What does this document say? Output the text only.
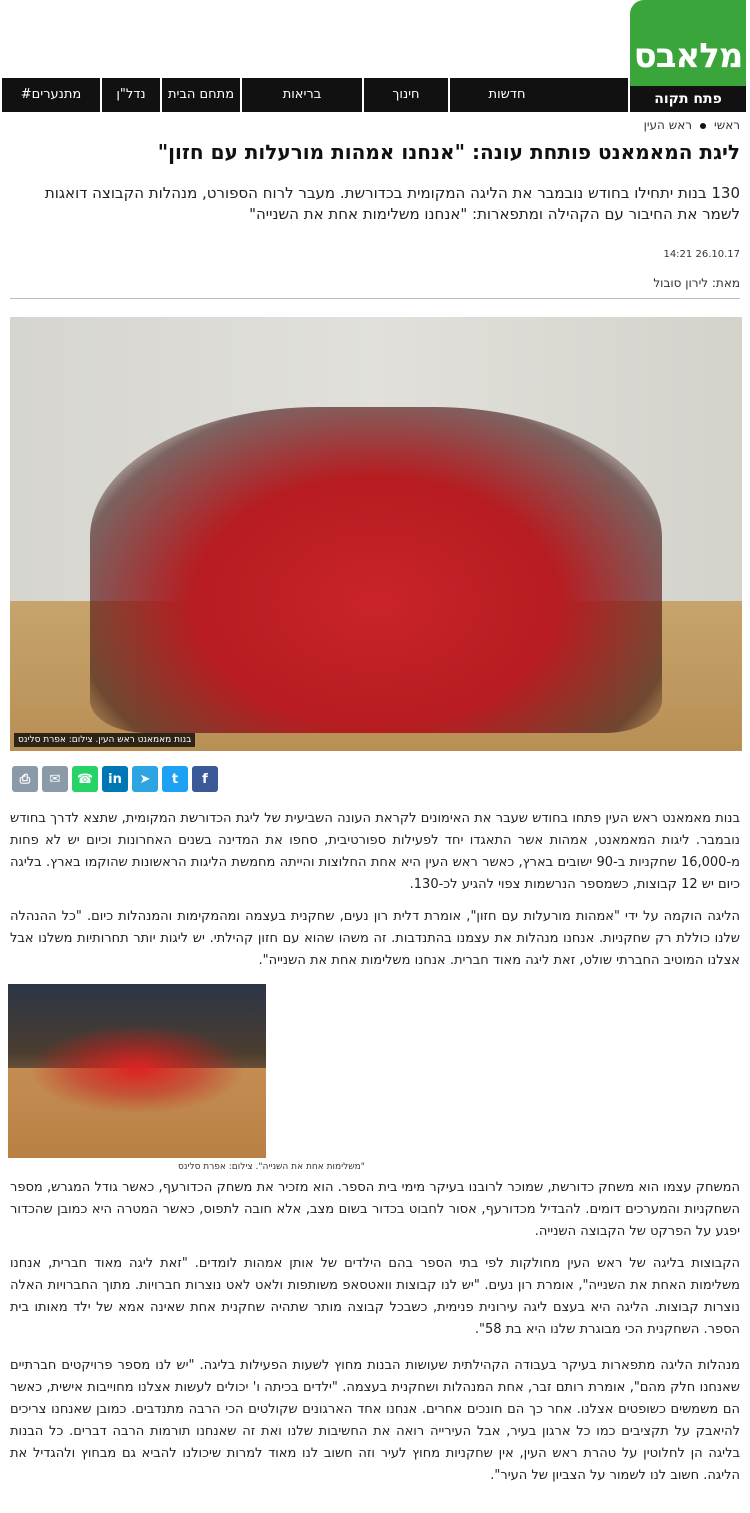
מלאבס
פתח תקוה
#מתנערים	נדל"ן	מתחם הבית	בריאות	חינוך	חדשות
ראשיראש העין
ליגת המאמאנט פותחת עונה: "אנחנו אמהות מורעלות עם חזון"

130 בנות יתחילו בחודש נובמבר את הליגה המקומית בכדורשת. מעבר לרוח הספורט, מנהלות הקבוצה דואגות לשמר את החיבור עם הקהילה ומתפארות: "אנחנו משלימות אחת את השנייה"

26.10.17 14:21
מאת: לירון סובול
בנות מאמאנט ראש העין. צילום: אפרת סלינס
f
t
➤
in
☎
✉
⎙

בנות מאמאנט ראש העין פתחו בחודש שעבר את האימונים לקראת העונה השביעית של ליגת הכדורשת המקומית, שתצא לדרך בחודש נובמבר. ליגות המאמאנט, אמהות אשר התאגדו יחד לפעילות ספורטיבית, סחפו את המדינה בשנים האחרונות וכיום יש לא פחות מ-16,000 שחקניות ב-90 ישובים בארץ, כאשר ראש העין היא אחת החלוצות והייתה מחמשת הליגות הראשונות שהוקמו בארץ. בליגה כיום יש 12 קבוצות, כשמספר הנרשמות צפוי להגיע לכ-130.

הליגה הוקמה על ידי "אמהות מורעלות עם חזון", אומרת דלית רון נעים, שחקנית בעצמה ומהמקימות והמנהלות כיום. "כל ההנהלה שלנו כוללת רק שחקניות. אנחנו מנהלות את עצמנו בהתנדבות. זה משהו שהוא עם חזון קהילתי. יש ליגות יותר תחרותיות משלנו אבל אצלנו המוטיב החברתי שולט, זאת ליגה מאוד חברית. אנחנו משלימות אחת את השנייה".

"משלימות אחת את השנייה". צילום: אפרת סלינס

המשחק עצמו הוא משחק כדורשת, שמוכר לרובנו בעיקר מימי בית הספר. הוא מזכיר את משחק הכדורעף, כאשר גודל המגרש, מספר השחקניות והמערכים דומים. להבדיל מכדורעף, אסור לחבוט בכדור בשום מצב, אלא חובה לתפוס, כאשר המטרה היא כמובן שהכדור יפגע על הפרקט של הקבוצה השנייה.

הקבוצות בליגה של ראש העין מחולקות לפי בתי הספר בהם הילדים של אותן אמהות לומדים. "זאת ליגה מאוד חברית, אנחנו משלימות האחת את השנייה", אומרת רון נעים. "יש לנו קבוצות וואטסאפ משותפות ולאט לאט נוצרות חברויות. מתוך החברויות האלה נוצרות קבוצות. הליגה היא בעצם ליגה עירונית פנימית, כשבכל קבוצה מותר שתהיה שחקנית אחת שאינה אמא של ילד מאותו בית הספר. השחקנית הכי מבוגרת שלנו היא בת 58".

מנהלות הליגה מתפארות בעיקר בעבודה הקהילתית שעושות הבנות מחוץ לשעות הפעילות בליגה. "יש לנו מספר פרויקטים חברתיים שאנחנו חלק מהם", אומרת רותם זבר, אחת המנהלות ושחקנית בעצמה. "ילדים בכיתה ו' יכולים לעשות אצלנו מחוייבות אישית, כאשר הם משמשים כשופטים אצלנו. אחר כך הם חונכים אחרים. אנחנו אחד הארגונים שקולטים הכי הרבה מתנדבים. כמובן שאנחנו צריכים להיאבק על תקציבים כמו כל ארגון בעיר, אבל העירייה רואה את החשיבות שלנו ואת זה שאנחנו תורמות הרבה דברים. כל הבנות בליגה הן לחלוטין על טהרת ראש העין, אין שחקניות מחוץ לעיר וזה חשוב לנו מאוד למרות שיכולנו להביא גם מבחוץ ולהגדיל את הליגה. חשוב לנו לשמור על הצביון של העיר".
